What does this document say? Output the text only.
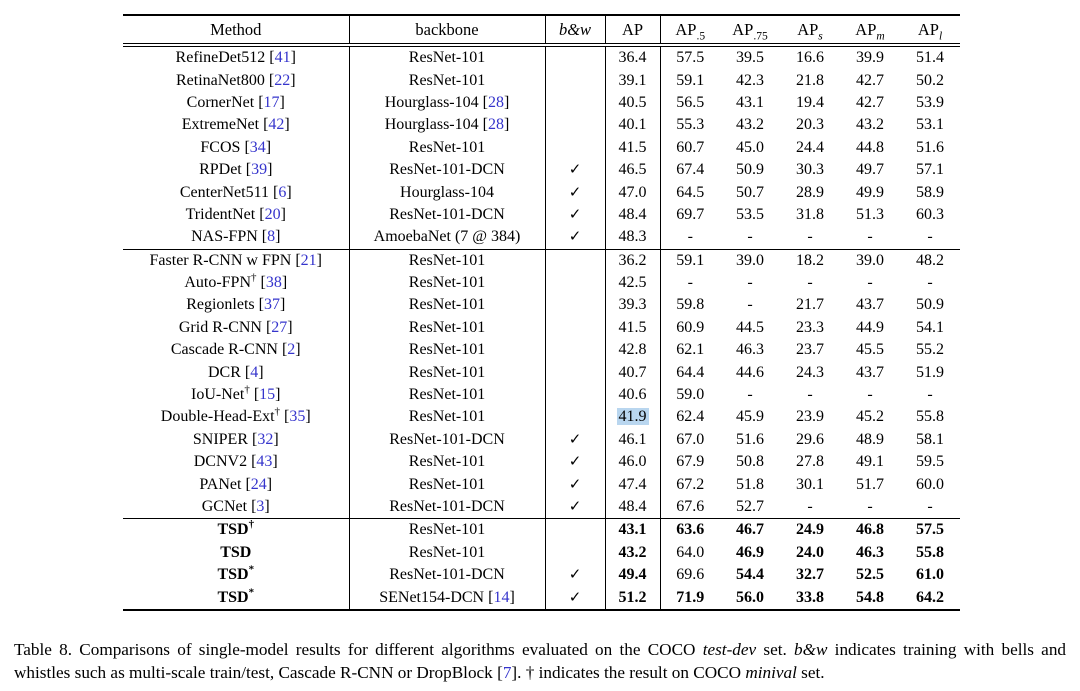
Method	backbone	b&w	AP	$AP_{.5}$	$AP_{.75}$	$AP_s$	$AP_m$	$AP_l$
RefineDet512 [41]	ResNet-101		36.4	57.5	39.5	16.6	39.9	51.4
RetinaNet800 [22]	ResNet-101		39.1	59.1	42.3	21.8	42.7	50.2
CornerNet [17]	Hourglass-104 [28]		40.5	56.5	43.1	19.4	42.7	53.9
ExtremeNet [42]	Hourglass-104 [28]		40.1	55.3	43.2	20.3	43.2	53.1
FCOS [34]	ResNet-101		41.5	60.7	45.0	24.4	44.8	51.6
RPDet [39]	ResNet-101-DCN	✓	46.5	67.4	50.9	30.3	49.7	57.1
CenterNet511 [6]	Hourglass-104	✓	47.0	64.5	50.7	28.9	49.9	58.9
TridentNet [20]	ResNet-101-DCN	✓	48.4	69.7	53.5	31.8	51.3	60.3
NAS-FPN [8]	AmoebaNet (7 @ 384)	✓	48.3	-	-	-	-	-
Faster R-CNN w FPN [21]	ResNet-101		36.2	59.1	39.0	18.2	39.0	48.2
Auto-FPN† [38]	ResNet-101		42.5	-	-	-	-	-
Regionlets [37]	ResNet-101		39.3	59.8	-	21.7	43.7	50.9
Grid R-CNN [27]	ResNet-101		41.5	60.9	44.5	23.3	44.9	54.1
Cascade R-CNN [2]	ResNet-101		42.8	62.1	46.3	23.7	45.5	55.2
DCR [4]	ResNet-101		40.7	64.4	44.6	24.3	43.7	51.9
IoU-Net† [15]	ResNet-101		40.6	59.0	-	-	-	-
Double-Head-Ext† [35]	ResNet-101		41.9	62.4	45.9	23.9	45.2	55.8
SNIPER [32]	ResNet-101-DCN	✓	46.1	67.0	51.6	29.6	48.9	58.1
DCNV2 [43]	ResNet-101	✓	46.0	67.9	50.8	27.8	49.1	59.5
PANet [24]	ResNet-101	✓	47.4	67.2	51.8	30.1	51.7	60.0
GCNet [3]	ResNet-101-DCN	✓	48.4	67.6	52.7	-	-	-
TSD†	ResNet-101		43.1	63.6	46.7	24.9	46.8	57.5
TSD	ResNet-101		43.2	64.0	46.9	24.0	46.3	55.8
TSD*	ResNet-101-DCN	✓	49.4	69.6	54.4	32.7	52.5	61.0
TSD*	SENet154-DCN [14]	✓	51.2	71.9	56.0	33.8	54.8	64.2
Table 8. Comparisons of single-model results for different algorithms evaluated on the COCO test-dev set. b&w indicates training with bells and whistles such as multi-scale train/test, Cascade R-CNN or DropBlock [7]. † indicates the result on COCO minival set.
